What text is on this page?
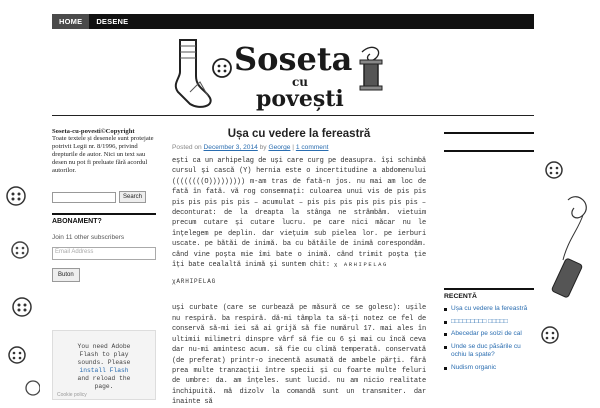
HOME	DESENE
Soseta
cu
povești
Soseta-cu-povesti©Copyright
Toate textele și desenele sunt protejate potrivit Legii nr. 8/1996, privind drepturile de autor. Nici un text sau desen nu pot fi preluate fără acordul autorilor.
Search
ABONAMENT?
Join 11 other subscribers
Email Address
Buton
You need Adobe
Flash to play
sounds. Please
install Flash
and reload the
page.
Cookie policy
Ușa cu vedere la fereastră
Posted on December 3, 2014 by George | 1 comment
ești ca un arhipelag de uși care curg pe deasupra. își schimbă cursul și cască (Y) hernia este o incertitudine a abdomenului ((((((((O))))))))) m-am tras de fată-n jos. nu mai am loc de fată în fată. vă rog consemnați: culoarea unui vis de pis pis pis pis pis pis pis – acumulat – pis pis pis pis pis pis pis – deconturat: de la dreapta la stânga ne strâmbăm. vietuim precum cutare și cutare lucru. pe care nici măcar nu le înțelegem pe deplin. dar viețuim sub pielea lor. pe ierburi uscate. pe bătăi de inimă. ba cu bătăile de inimă corespondăm. când vine poșta mie îmi bate o inimă. când trimit poșta ție îți bate cealaltă inimă și suntem chit: χ ARHIPELAG
χARHIPELAG
uși curbate (care se curbează pe măsură ce se golesc): ușile nu respiră. ba respiră. dă-mi tâmpla ta să-ți notez ce fel de conservă să-mi iei să ai grijă să fie numărul 17. mai ales în ultimii milimetri dinspre vârf să fie cu 6 și mai cu încă ceva dar nu-mi amintesc acum. să fie cu climă temperată. conservată (de preferat) printr-o inecentă asumată de ambele părți. fără prea multe tranzacții între specii și cu foarte multe feluri de umbre: da. am înțeles. sunt lucid. nu am nicio realitate închipuită. mă dizolv la comandă sunt un transmiter. dar înainte să
RECENTĂ
Ușa cu vedere la fereastră
□□□□□□□□□ □□□□□
Abecedar pe solzi de cal
Unde se duc păsările cu ochiu la spate?
Nudism organic
